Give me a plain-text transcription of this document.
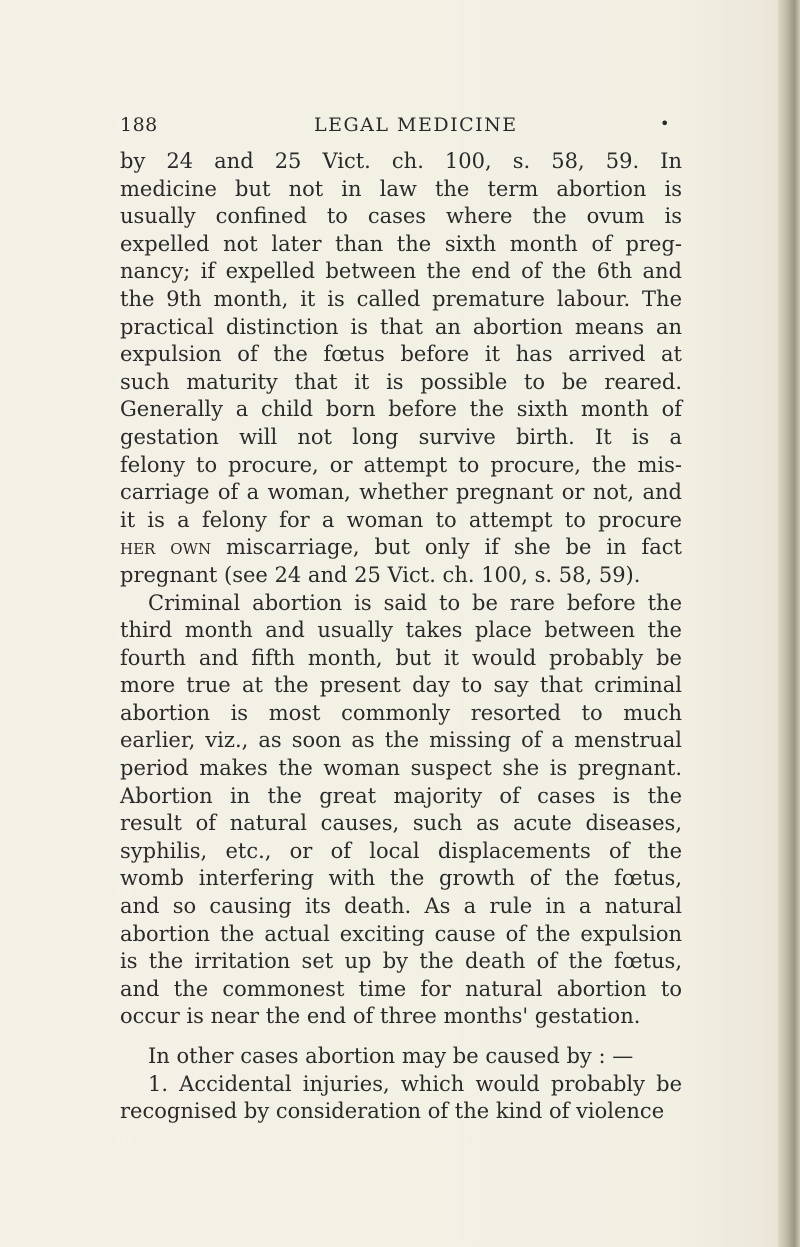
188	LEGAL MEDICINE	•
by 24 and 25 Vict. ch. 100, s. 58, 59. In
medicine but not in law the term abortion is
usually confined to cases where the ovum is
expelled not later than the sixth month of preg-
nancy; if expelled between the end of the 6th and
the 9th month, it is called premature labour. The
practical distinction is that an abortion means an
expulsion of the fœtus before it has arrived at
such maturity that it is possible to be reared.
Generally a child born before the sixth month of
gestation will not long survive birth. It is a
felony to procure, or attempt to procure, the mis-
carriage of a woman, whether pregnant or not, and
it is a felony for a woman to attempt to procure
her own miscarriage, but only if she be in fact
pregnant (see 24 and 25 Vict. ch. 100, s. 58, 59).
Criminal abortion is said to be rare before the
third month and usually takes place between the
fourth and fifth month, but it would probably be
more true at the present day to say that criminal
abortion is most commonly resorted to much
earlier, viz., as soon as the missing of a menstrual
period makes the woman suspect she is pregnant.
Abortion in the great majority of cases is the
result of natural causes, such as acute diseases,
syphilis, etc., or of local displacements of the
womb interfering with the growth of the fœtus,
and so causing its death. As a rule in a natural
abortion the actual exciting cause of the expulsion
is the irritation set up by the death of the fœtus,
and the commonest time for natural abortion to
occur is near the end of three months' gestation.
In other cases abortion may be caused by : —
1. Accidental injuries, which would probably be
recognised by consideration of the kind of violence
